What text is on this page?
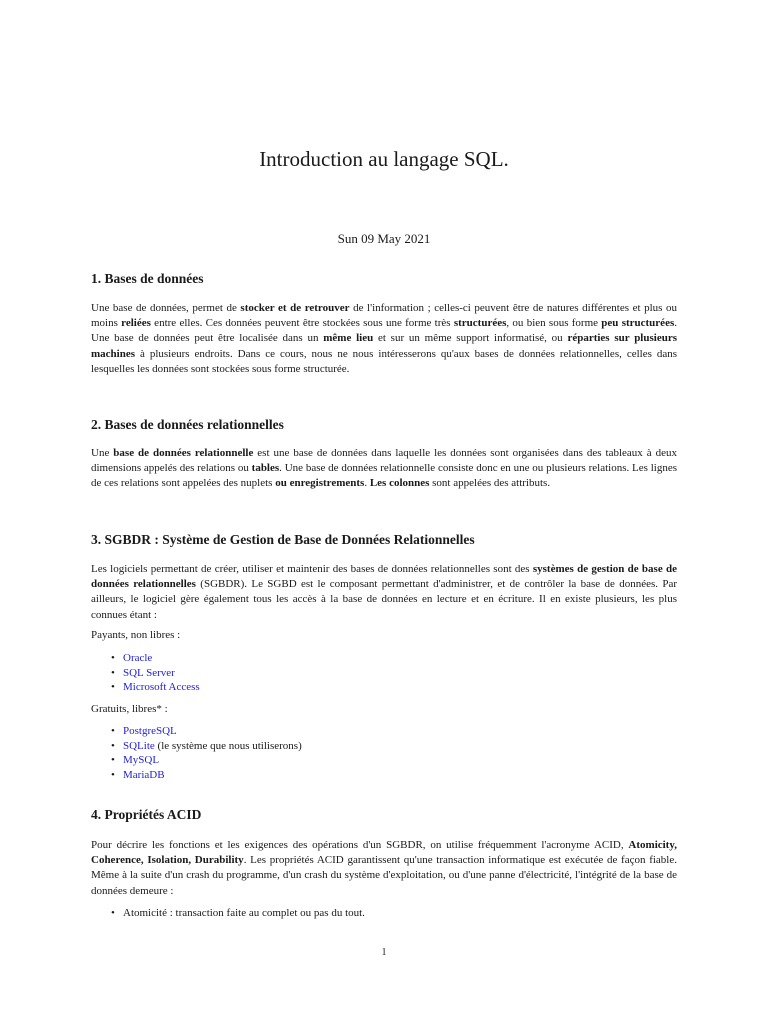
Introduction au langage SQL.
Sun 09 May 2021
1. Bases de données

Une base de données, permet de stocker et de retrouver de l'information ; celles-ci peuvent être de natures différentes et plus ou moins reliées entre elles. Ces données peuvent être stockées sous une forme très structurées, ou bien sous forme peu structurées. Une base de données peut être localisée dans un même lieu et sur un même support informatisé, ou réparties sur plusieurs machines à plusieurs endroits. Dans ce cours, nous ne nous intéresserons qu'aux bases de données relationnelles, celles dans lesquelles les données sont stockées sous forme structurée.

2. Bases de données relationnelles

Une base de données relationnelle est une base de données dans laquelle les données sont organisées dans des tableaux à deux dimensions appelés des relations ou tables. Une base de données relationnelle consiste donc en une ou plusieurs relations. Les lignes de ces relations sont appelées des nuplets ou enregistrements. Les colonnes sont appelées des attributs.

3. SGBDR : Système de Gestion de Base de Données Relationnelles

Les logiciels permettant de créer, utiliser et maintenir des bases de données relationnelles sont des systèmes de gestion de base de données relationnelles (SGBDR). Le SGBD est le composant permettant d'administrer, et de contrôler la base de données. Par ailleurs, le logiciel gère également tous les accès à la base de données en lecture et en écriture. Il en existe plusieurs, les plus connues étant :

Payants, non libres :

• Oracle
• SQL Server
• Microsoft Access

Gratuits, libres* :

• PostgreSQL
• SQLite (le système que nous utiliserons)
• MySQL
• MariaDB
4. Propriétés ACID

Pour décrire les fonctions et les exigences des opérations d'un SGBDR, on utilise fréquemment l'acronyme ACID, Atomicity, Coherence, Isolation, Durability. Les propriétés ACID garantissent qu'une transaction informatique est exécutée de façon fiable. Même à la suite d'un crash du programme, d'un crash du système d'exploitation, ou d'une panne d'électricité, l'intégrité de la base de données demeure :

• Atomicité : transaction faite au complet ou pas du tout.
1
